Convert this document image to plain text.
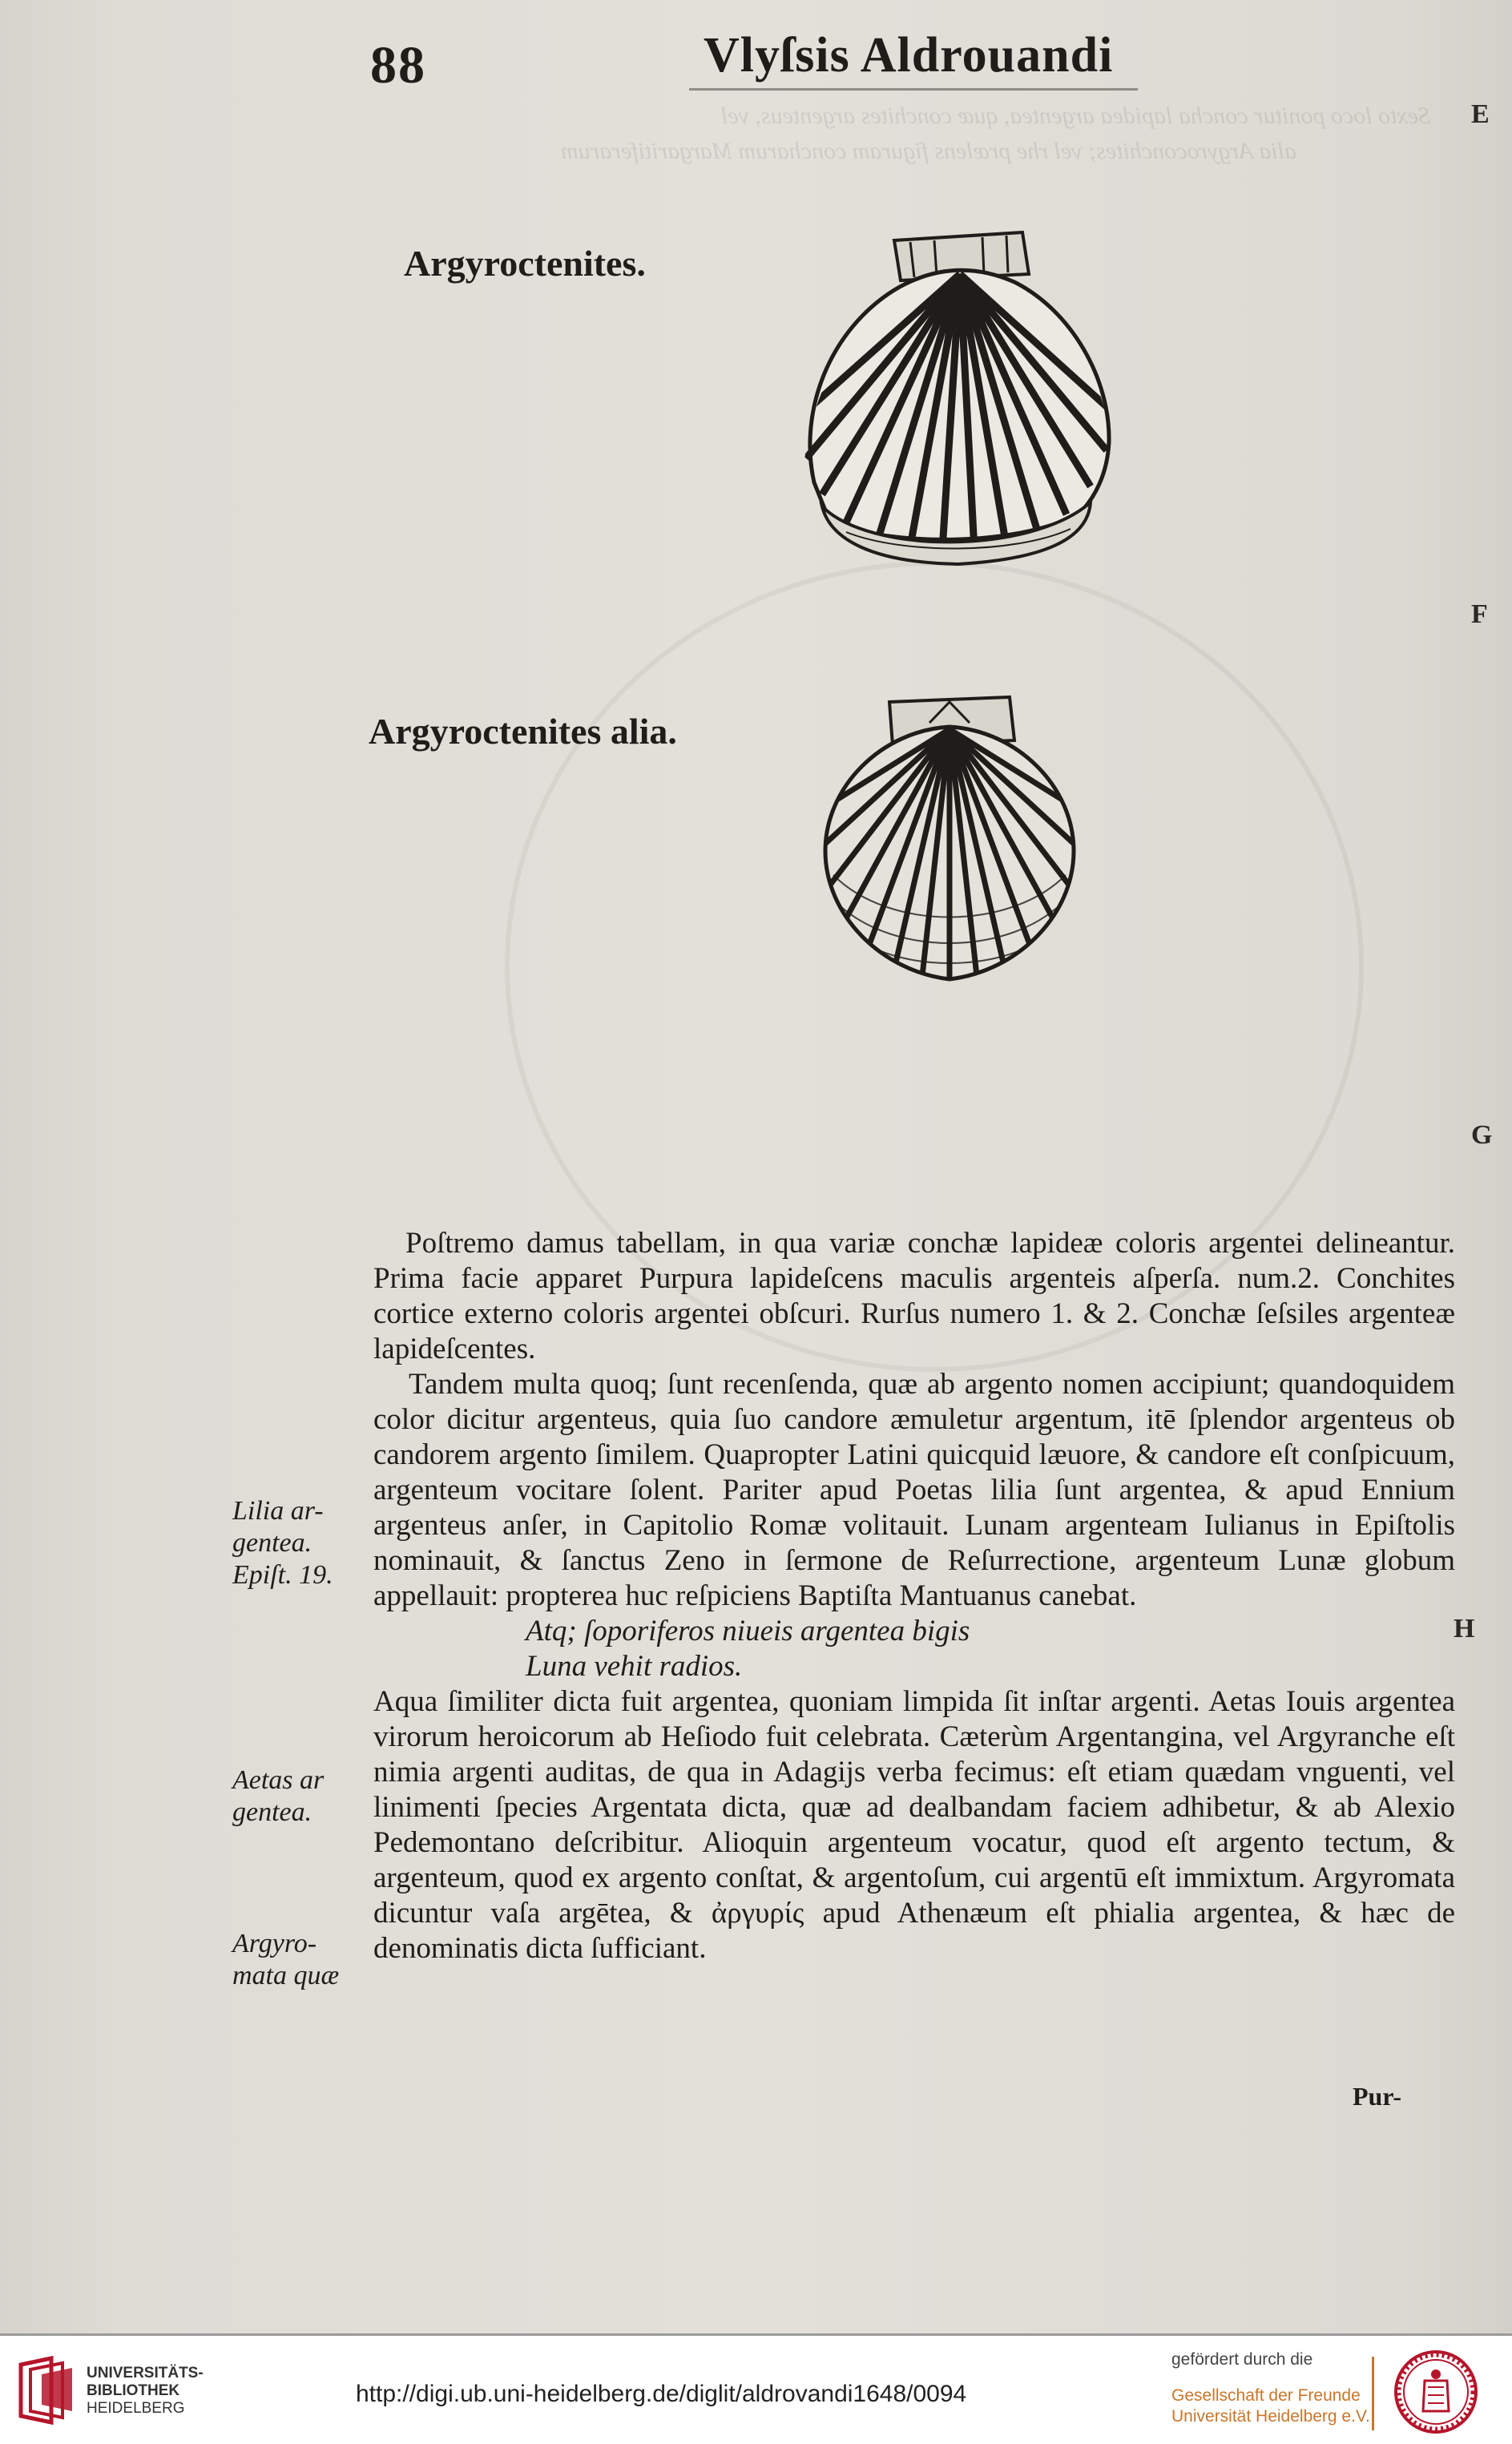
Sexto loco ponitur concha lapidea argentea, quæ conchites argenteus, vel
alia Argyroconchites; vel rhe prælens figuram concharum Margaritiferarum
88	Vlyſsis Aldrouandi
E
F
G
H
Argyroctenites.
Argyroctenites alia.
Lilia ar- gentea. Epiſt. 19.
Aetas ar gentea.
Argyro- mata quæ

Poſtremo damus tabellam, in qua variæ conchæ lapideæ coloris argentei delineantur. Prima facie apparet Purpura lapideſcens maculis argenteis aſperſa. num.2. Conchites cortice externo coloris argentei obſcuri. Rurſus numero 1. & 2. Conchæ ſeſsiles argenteæ lapideſcentes.

Tandem multa quoq; ſunt recenſenda, quæ ab argento nomen accipiunt; quandoquidem color dicitur argenteus, quia ſuo candore æmuletur argentum, itē ſplendor argenteus ob candorem argento ſimilem. Quapropter Latini quicquid læuore, & candore eſt conſpicuum, argenteum vocitare ſolent. Pariter apud Poetas lilia ſunt argentea, & apud Ennium argenteus anſer, in Capitolio Romæ volitauit. Lunam argenteam Iulianus in Epiſtolis nominauit, & ſanctus Zeno in ſermone de Reſurrectione, argenteum Lunæ globum appellauit: propterea huc reſpiciens Baptiſta Mantuanus canebat.

Atq; ſoporiferos niueis argentea bigis

Luna vehit radios.

Aqua ſimiliter dicta fuit argentea, quoniam limpida ſit inſtar argenti. Aetas Iouis argentea virorum heroicorum ab Heſiodo fuit celebrata. Cæterùm Argentangina, vel Argyranche eſt nimia argenti auditas, de qua in Adagijs verba fecimus: eſt etiam quædam vnguenti, vel linimenti ſpecies Argentata dicta, quæ ad dealbandam faciem adhibetur, & ab Alexio Pedemontano deſcribitur. Alioquin argenteum vocatur, quod eſt argento tectum, & argenteum, quod ex argento conſtat, & argentoſum, cui argentū eſt immixtum. Argyromata dicuntur vaſa argētea, & ἀργυρίς apud Athenæum eſt phialia argentea, & hæc de denominatis dicta ſufficiant.

Pur-
UNIVERSITÄTS-
BIBLIOTHEK
HEIDELBERG
http://digi.ub.uni-heidelberg.de/diglit/aldrovandi1648/0094
gefördert durch die
Gesellschaft der Freunde
Universität Heidelberg e.V.
